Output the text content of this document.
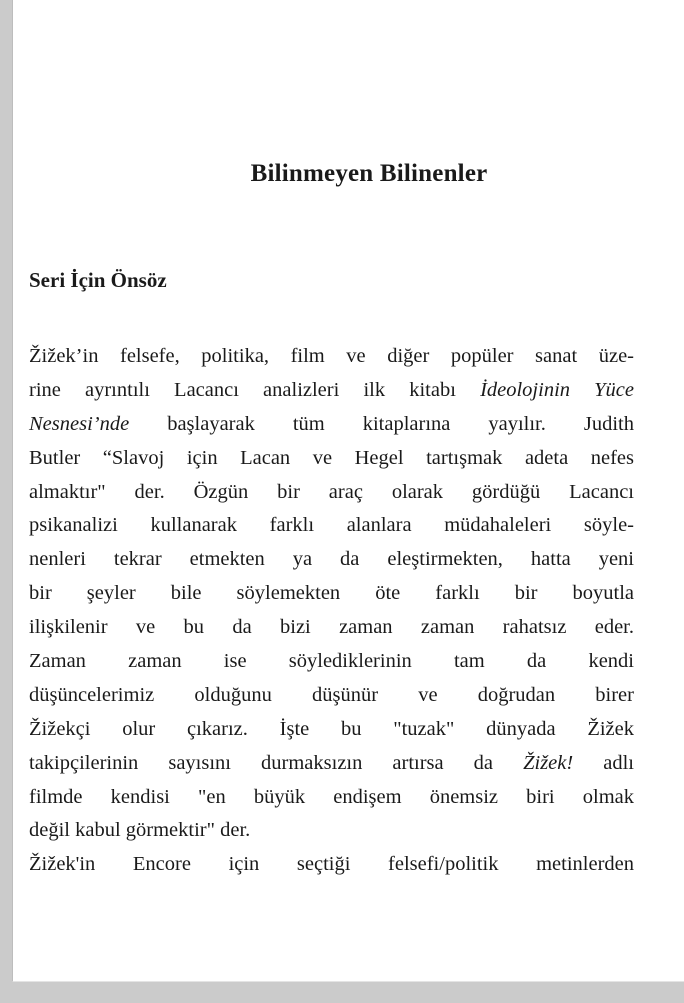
Bilinmeyen Bilinenler
Seri İçin Önsöz
Žižek’in felsefe, politika, film ve diğer popüler sanat üze-
rine ayrıntılı Lacancı analizleri ilk kitabı İdeolojinin Yüce
Nesnesi’nde başlayarak tüm kitaplarına yayılır. Judith
Butler “Slavoj için Lacan ve Hegel tartışmak adeta nefes
almaktır" der. Özgün bir araç olarak gördüğü Lacancı
psikanalizi kullanarak farklı alanlara müdahaleleri söyle-
nenleri tekrar etmekten ya da eleştirmekten, hatta yeni
bir şeyler bile söylemekten öte farklı bir boyutla
ilişkilenir ve bu da bizi zaman zaman rahatsız eder.
Zaman zaman ise söylediklerinin tam da kendi
düşüncelerimiz olduğunu düşünür ve doğrudan birer
Žižekçi olur çıkarız. İşte bu "tuzak" dünyada Žižek
takipçilerinin sayısını durmaksızın artırsa da Žižek! adlı
filmde kendisi "en büyük endişem önemsiz biri olmak
değil kabul görmektir" der.
Žižek'in Encore için seçtiği felsefi/politik metinlerden
